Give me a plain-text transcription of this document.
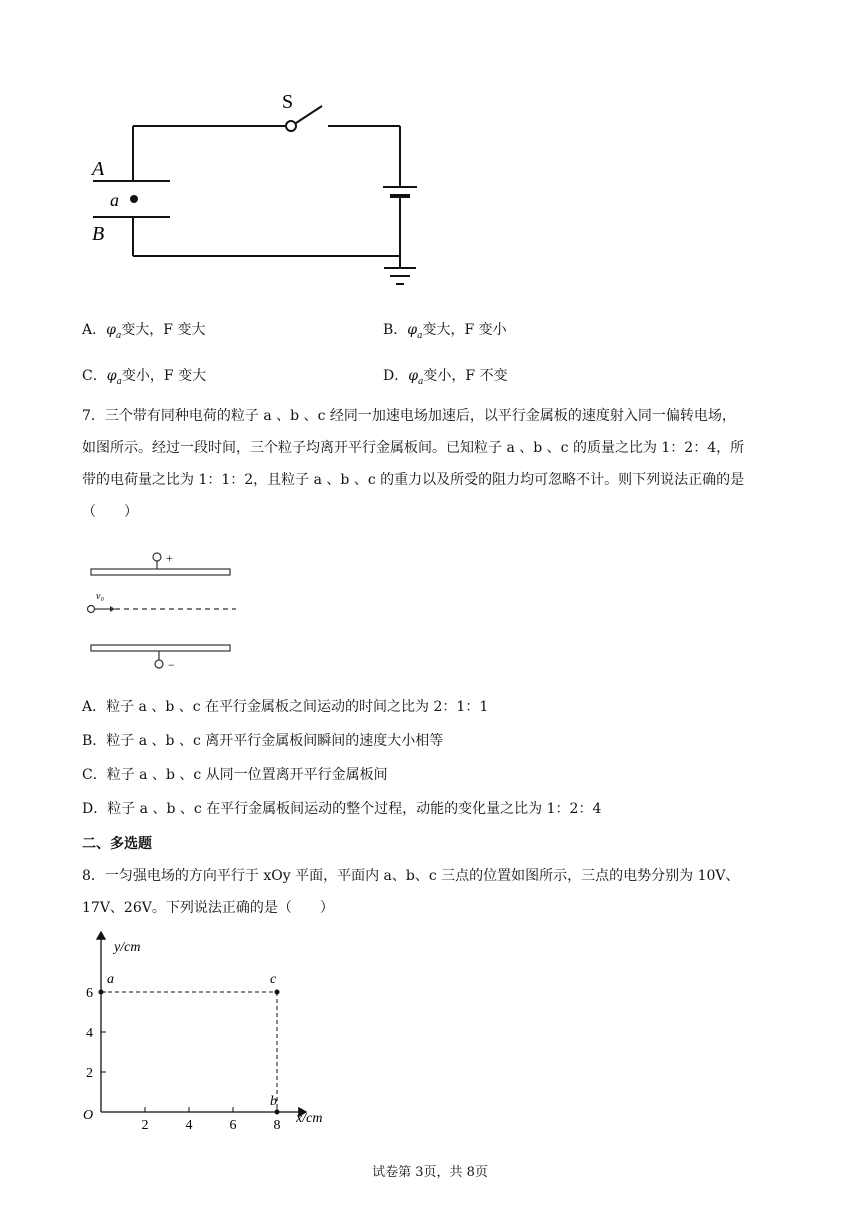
S
A
a
B
A．$\varphi_a$变大，F 变大	B．$\varphi_a$变大，F 变小
C．$\varphi_a$变小，F 变大	D．$\varphi_a$变小，F 不变
7．三个带有同种电荷的粒子 a 、b 、c 经同一加速电场加速后，以平行金属板的速度射入同一偏转电场，
如图所示。经过一段时间，三个粒子均离开平行金属板间。已知粒子 a 、b 、c 的质量之比为 1：2：4，所
带的电荷量之比为 1：1：2，且粒子 a 、b 、c 的重力以及所受的阻力均可忽略不计。则下列说法正确的是
（　　）
+
−
v₀
A．粒子 a 、b 、c 在平行金属板之间运动的时间之比为 2：1：1
B．粒子 a 、b 、c 离开平行金属板间瞬间的速度大小相等
C．粒子 a 、b 、c 从同一位置离开平行金属板间
D．粒子 a 、b 、c 在平行金属板间运动的整个过程，动能的变化量之比为 1：2：4
二、多选题
8．一匀强电场的方向平行于 xOy 平面，平面内 a、b、c 三点的位置如图所示，三点的电势分别为 10V、
17V、26V。下列说法正确的是（　　）
2	4	6	8
2
4
6
a	c
b
y/cm
x/cm
O
试卷第 3页，共 8页
